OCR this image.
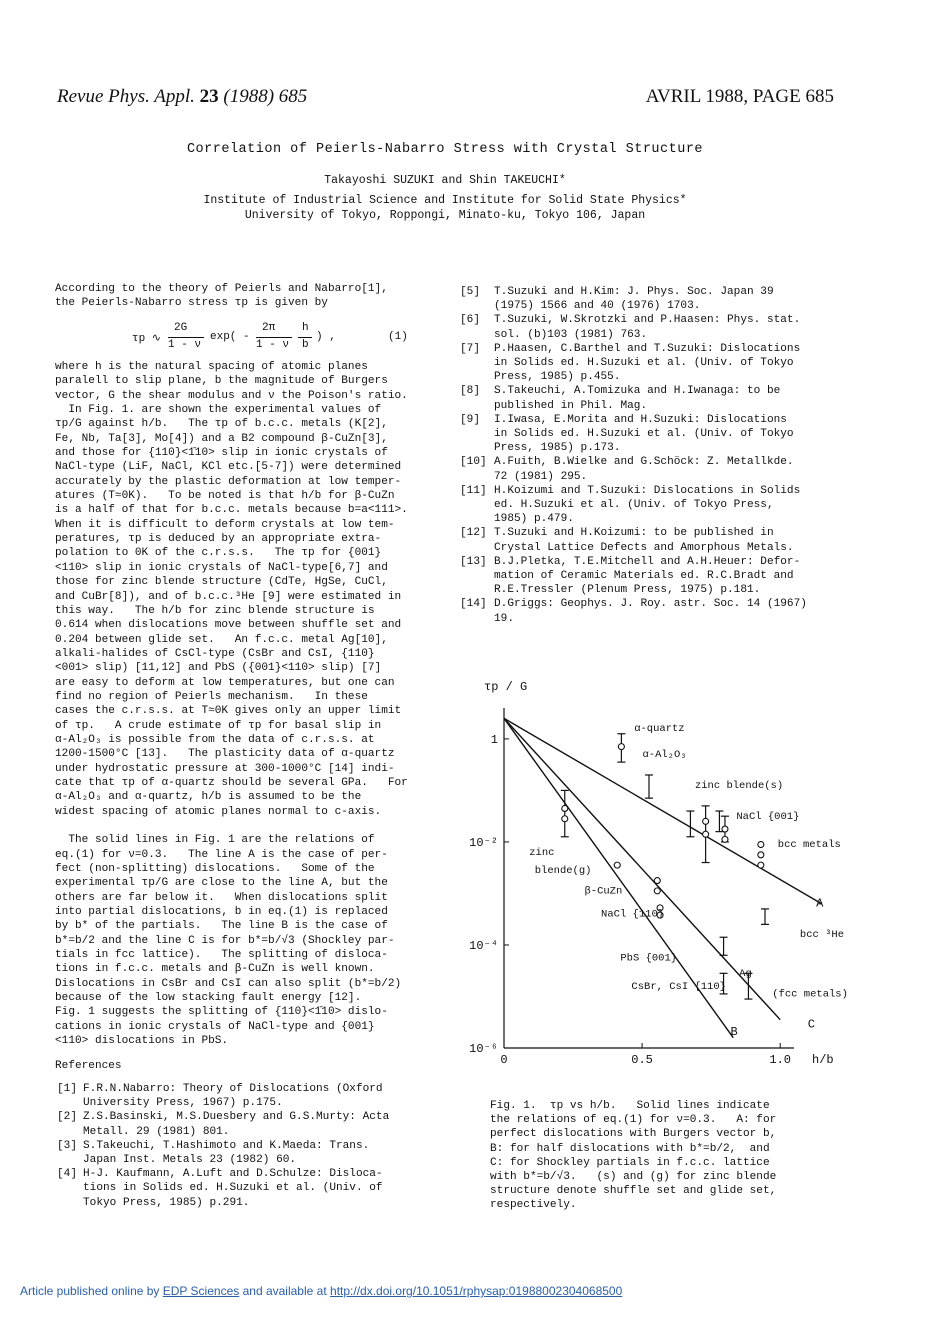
Revue Phys. Appl. 23 (1988) 685	AVRIL 1988, PAGE 685
Correlation of Peierls-Nabarro Stress with Crystal Structure
Takayoshi SUZUKI and Shin TAKEUCHI*
Institute of Industrial Science and Institute for Solid State Physics*
University of Tokyo, Roppongi, Minato-ku, Tokyo 106, Japan

According to the theory of Peierls and Nabarro[1],

the Peierls-Nabarro stress τp is given by

τp ∿
2G
1 - ν
exp( -
2π
1 - ν
h
b
) ,	(1)

where h is the natural spacing of atomic planes

paralell to slip plane, b the magnitude of Burgers

vector, G the shear modulus and ν the Poison's ratio.

In Fig. 1. are shown the experimental values of

τp/G against h/b.   The τp of b.c.c. metals (K[2],

Fe, Nb, Ta[3], Mo[4]) and a B2 compound β-CuZn[3],

and those for {110}<1̄10> slip in ionic crystals of

NaCl-type (LiF, NaCl, KCl etc.[5-7]) were determined

accurately by the plastic deformation at low temper-

atures (T≈0K).   To be noted is that h/b for β-CuZn

is a half of that for b.c.c. metals because b=a<111>.

When it is difficult to deform crystals at low tem-

peratures, τp is deduced by an appropriate extra-

polation to 0K of the c.r.s.s.   The τp for {001}

<110> slip in ionic crystals of NaCl-type[6,7] and

those for zinc blende structure (CdTe, HgSe, CuCl,

and CuBr[8]), and of b.c.c.³He [9] were estimated in

this way.   The h/b for zinc blende structure is

0.614 when dislocations move between shuffle set and

0.204 between glide set.   An f.c.c. metal Ag[10],

alkali-halides of CsCl-type (CsBr and CsI, {110}

<001> slip) [11,12] and PbS ({001}<110> slip) [7]

are easy to deform at low temperatures, but one can

find no region of Peierls mechanism.   In these

cases the c.r.s.s. at T≈0K gives only an upper limit

of τp.   A crude estimate of τp for basal slip in

α-Al₂O₃ is possible from the data of c.r.s.s. at

1200-1500°C [13].   The plasticity data of α-quartz

under hydrostatic pressure at 300-1000°C [14] indi-

cate that τp of α-quartz should be several GPa.   For

α-Al₂O₃ and α-quartz, h/b is assumed to be the

widest spacing of atomic planes normal to c-axis.

The solid lines in Fig. 1 are the relations of

eq.(1) for ν=0.3.   The line A is the case of per-

fect (non-splitting) dislocations.   Some of the

experimental τp/G are close to the line A, but the

others are far below it.   When dislocations split

into partial dislocations, b in eq.(1) is replaced

by b* of the partials.   The line B is the case of

b*=b/2 and the line C is for b*=b/√3 (Shockley par-

tials in fcc lattice).   The splitting of disloca-

tions in f.c.c. metals and β-CuZn is well known.

Dislocations in CsBr and CsI can also split (b*=b/2)

because of the low stacking fault energy [12].

Fig. 1 suggests the splitting of {110}<1̄10> dislo-

cations in ionic crystals of NaCl-type and {001}

<110> dislocations in PbS.

References
[1] F.R.N.Nabarro: Theory of Dislocations (Oxford
University Press, 1967) p.175.
[2] Z.S.Basinski, M.S.Duesbery and G.S.Murty: Acta
Metall. 29 (1981) 801.
[3] S.Takeuchi, T.Hashimoto and K.Maeda: Trans.
Japan Inst. Metals 23 (1982) 60.
[4] H-J. Kaufmann, A.Luft and D.Schulze: Disloca-
tions in Solids ed. H.Suzuki et al. (Univ. of
Tokyo Press, 1985) p.291.
[5] T.Suzuki and H.Kim: J. Phys. Soc. Japan 39
(1975) 1566 and 40 (1976) 1703.
[6] T.Suzuki, W.Skrotzki and P.Haasen: Phys. stat.
sol. (b)103 (1981) 763.
[7] P.Haasen, C.Barthel and T.Suzuki: Dislocations
in Solids ed. H.Suzuki et al. (Univ. of Tokyo
Press, 1985) p.455.
[8] S.Takeuchi, A.Tomizuka and H.Iwanaga: to be
published in Phil. Mag.
[9] I.Iwasa, E.Morita and H.Suzuki: Dislocations
in Solids ed. H.Suzuki et al. (Univ. of Tokyo
Press, 1985) p.173.
[10] A.Fuith, B.Wielke and G.Schöck: Z. Metallkde.
72 (1981) 295.
[11] H.Koizumi and T.Suzuki: Dislocations in Solids
ed. H.Suzuki et al. (Univ. of Tokyo Press,
1985) p.479.
[12] T.Suzuki and H.Koizumi: to be published in
Crystal Lattice Defects and Amorphous Metals.
[13] B.J.Pletka, T.E.Mitchell and A.H.Heuer: Defor-
mation of Ceramic Materials ed. R.C.Bradt and
R.E.Tressler (Plenum Press, 1975) p.181.
[14] D.Griggs: Geophys. J. Roy. astr. Soc. 14 (1967)
19.
τp / G
h/b
0	0.5	1.0
1
10⁻²
10⁻⁴
10⁻⁶
A
B
C
α-quartz
α-Al₂O₃
zinc blende(s)
NaCl {001}
bcc metals
zinc
blende(g)
β-CuZn
NaCl {110}
PbS {001}
CsBr, CsI {110}
bcc ³He
Ag
(fcc metals)

Fig. 1.  τp vs h/b.   Solid lines indicate

the relations of eq.(1) for ν=0.3.   A: for

perfect dislocations with Burgers vector b,

B: for half dislocations with b*=b/2,  and

C: for Shockley partials in f.c.c. lattice

with b*=b/√3.   (s) and (g) for zinc blende

structure denote shuffle set and glide set,

respectively.

Article published online by EDP Sciences and available at http://dx.doi.org/10.1051/rphysap:01988002304068500
